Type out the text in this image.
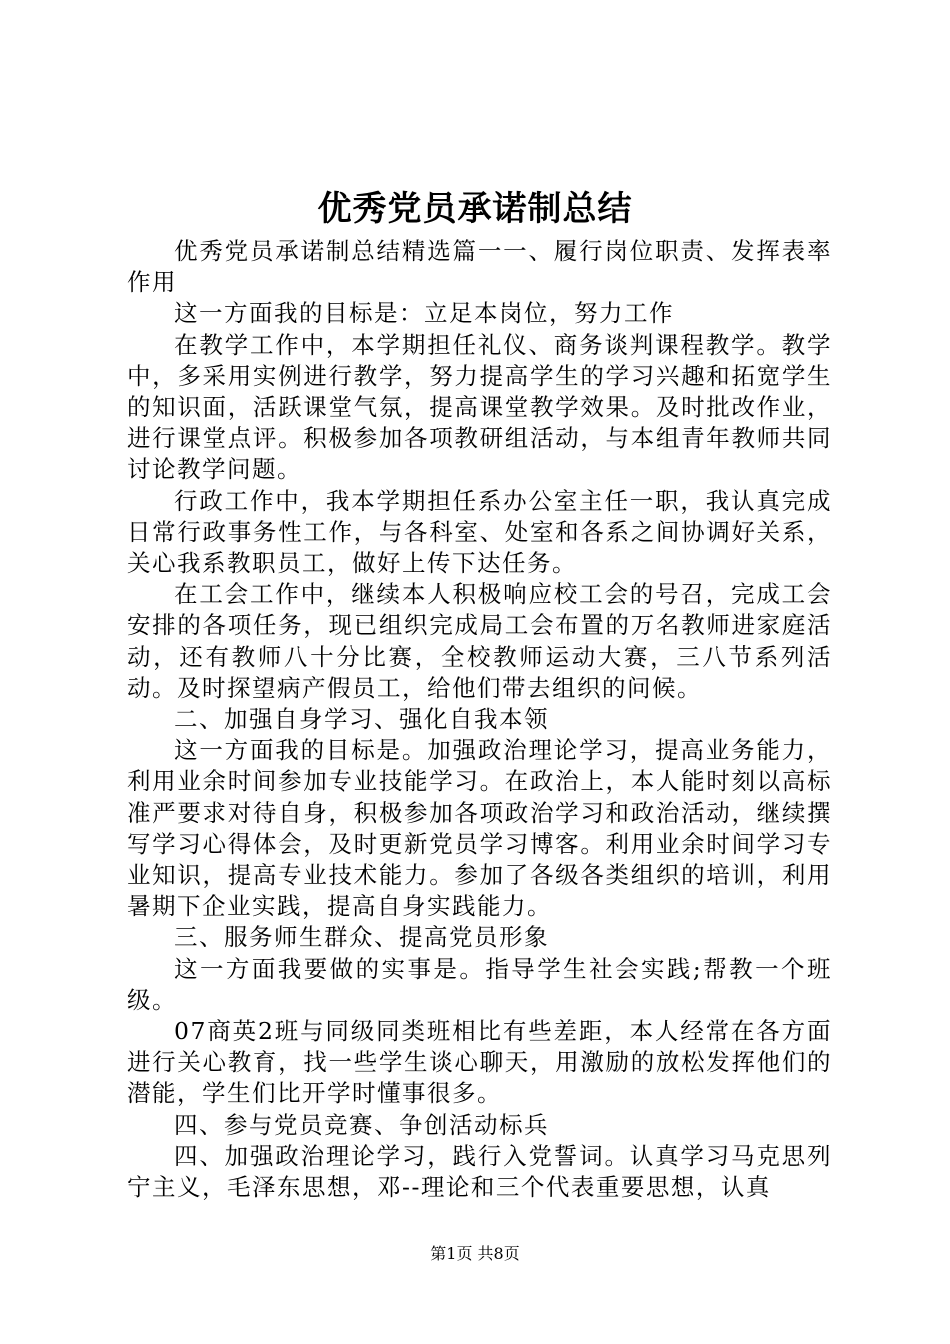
优秀党员承诺制总结

优秀党员承诺制总结精选篇一一、履行岗位职责、发挥表率作用

这一方面我的目标是：立足本岗位，努力工作

在教学工作中，本学期担任礼仪、商务谈判课程教学。教学中，多采用实例进行教学，努力提高学生的学习兴趣和拓宽学生的知识面，活跃课堂气氛，提高课堂教学效果。及时批改作业，进行课堂点评。积极参加各项教研组活动，与本组青年教师共同讨论教学问题。

行政工作中，我本学期担任系办公室主任一职，我认真完成日常行政事务性工作，与各科室、处室和各系之间协调好关系，关心我系教职员工，做好上传下达任务。

在工会工作中，继续本人积极响应校工会的号召，完成工会安排的各项任务，现已组织完成局工会布置的万名教师进家庭活动，还有教师八十分比赛，全校教师运动大赛，三八节系列活动。及时探望病产假员工，给他们带去组织的问候。

二、加强自身学习、强化自我本领

这一方面我的目标是。加强政治理论学习，提高业务能力，利用业余时间参加专业技能学习。在政治上，本人能时刻以高标准严要求对待自身，积极参加各项政治学习和政治活动，继续撰写学习心得体会，及时更新党员学习博客。利用业余时间学习专业知识，提高专业技术能力。参加了各级各类组织的培训，利用暑期下企业实践，提高自身实践能力。

三、服务师生群众、提高党员形象

这一方面我要做的实事是。指导学生社会实践;帮教一个班级。

07商英2班与同级同类班相比有些差距，本人经常在各方面进行关心教育，找一些学生谈心聊天，用激励的放松发挥他们的潜能，学生们比开学时懂事很多。

四、参与党员竞赛、争创活动标兵

四、加强政治理论学习，践行入党誓词。认真学习马克思列宁主义，毛泽东思想，邓--理论和三个代表重要思想，认真

第1页 共8页
